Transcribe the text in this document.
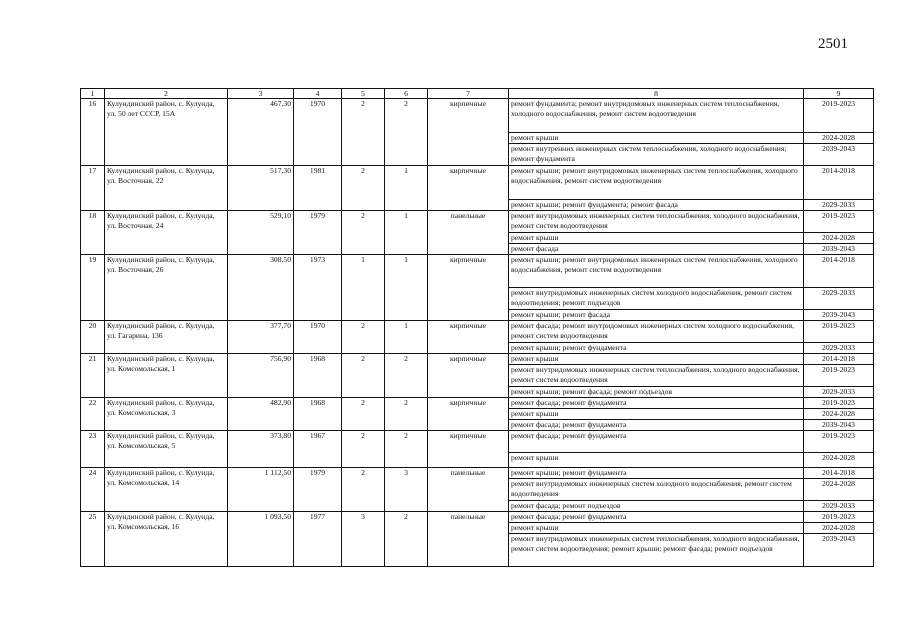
2501
1	2	3	4	5	6	7	8	9
16	Кулундинский район, с. Кулунда, ул. 50 лет СССР, 15А	467,30	1970	2	2	кирпичные	ремонт фундамента; ремонт внутридомовых инженерных систем теплоснабжения, холодного водоснабжения, ремонт систем водоотведения	2019-2023
							ремонт крыши	2024-2028
							ремонт внутренних инженерных систем теплоснабжения, холодного водоснабжения; ремонт фундамента	2039-2043
17	Кулундинский район, с. Кулунда, ул. Восточная, 22	517,30	1981	2	1	кирпичные	ремонт крыши; ремонт внутридомовых инженерных систем теплоснабжения, холодного водоснабжения, ремонт систем водоотведения	2014-2018
							ремонт крыши; ремонт фундамента; ремонт фасада	2029-2033
18	Кулундинский район, с. Кулунда, ул. Восточная, 24	529,10	1979	2	1	панельные	ремонт внутридомовых инженерных систем теплоснабжения, холодного водоснабжения, ремонт систем водоотведения	2019-2023
							ремонт крыши	2024-2028
							ремонт фасада	2039-2043
19	Кулундинский район, с. Кулунда, ул. Восточная, 26	308,50	1973	1	1	кирпичные	ремонт крыши; ремонт внутридомовых инженерных систем теплоснабжения, холодного водоснабжения, ремонт систем водоотведения	2014-2018
							ремонт внутридомовых инженерных систем холодного водоснабжения, ремонт систем водоотведения; ремонт подъездов	2029-2033
							ремонт крыши; ремонт фасада	2039-2043
20	Кулундинский район, с. Кулунда, ул. Гагарина, 136	377,70	1970	2	1	кирпичные	ремонт фасада; ремонт внутридомовых инженерных систем холодного водоснабжения, ремонт систем водоотведения	2019-2023
							ремонт крыши; ремонт фундамента	2029-2033
21	Кулундинский район, с. Кулунда, ул. Комсомольская, 1	756,90	1968	2	2	кирпичные	ремонт крыши	2014-2018
							ремонт внутридомовых инженерных систем теплоснабжения, холодного водоснабжения, ремонт систем водоотведения	2019-2023
							ремонт крыши; ремонт фасада; ремонт подъездов	2029-2033
22	Кулундинский район, с. Кулунда, ул. Комсомольская, 3	482,90	1968	2	2	кирпичные	ремонт фасада; ремонт фундамента	2019-2023
							ремонт крыши	2024-2028
							ремонт фасада; ремонт фундамента	2039-2043
23	Кулундинский район, с. Кулунда, ул. Комсомольская, 5	373,80	1967	2	2	кирпичные	ремонт фасада; ремонт фундамента	2019-2023
							ремонт крыши	2024-2028
24	Кулундинский район, с. Кулунда, ул. Комсомольская, 14	1 112,50	1979	2	3	панельные	ремонт крыши; ремонт фундамента	2014-2018
							ремонт внутридомовых инженерных систем холодного водоснабжения, ремонт систем водоотведения	2024-2028
							ремонт фасада; ремонт подъездов	2029-2033
25	Кулундинский район, с. Кулунда, ул. Комсомольская, 16	1 093,50	1977	3	2	панельные	ремонт фасада; ремонт фундамента	2019-2023
							ремонт крыши	2024-2028
							ремонт внутридомовых инженерных систем теплоснабжения, холодного водоснабжения, ремонт систем водоотведения; ремонт крыши; ремонт фасада; ремонт подъездов	2039-2043
